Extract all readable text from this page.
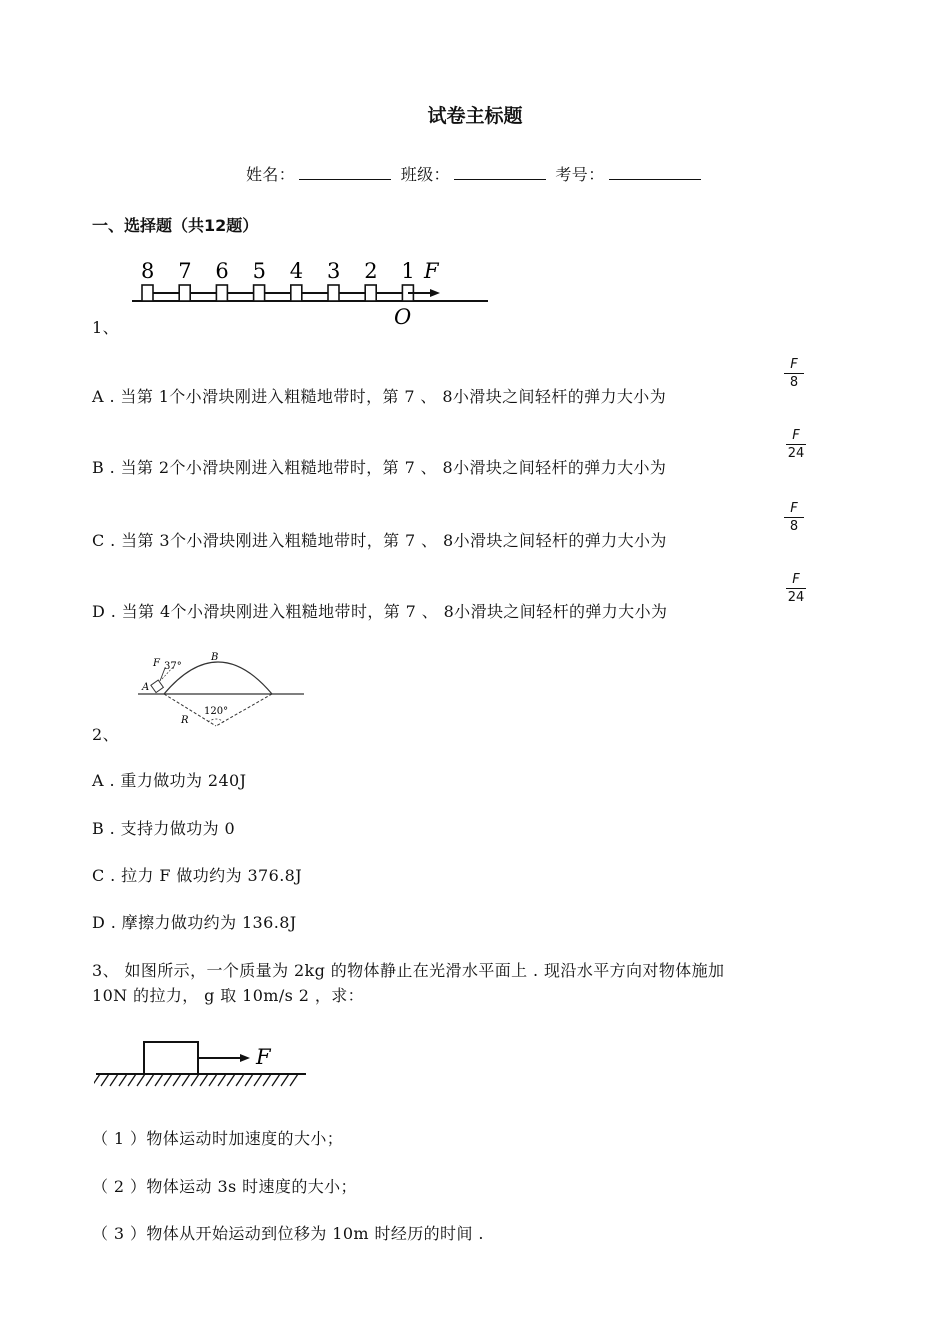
试卷主标题
姓名：	班级：	考号：
一、选择题（共12题）
8 7 6 5 4 3 2 1 F
O
1、
A . 当第 1个小滑块刚进入粗糙地带时，第 7 、 8小滑块之间轻杆的弹力大小为
F
8
B . 当第 2个小滑块刚进入粗糙地带时，第 7 、 8小滑块之间轻杆的弹力大小为
F
24
C . 当第 3个小滑块刚进入粗糙地带时，第 7 、 8小滑块之间轻杆的弹力大小为
F
8
D . 当第 4个小滑块刚进入粗糙地带时，第 7 、 8小滑块之间轻杆的弹力大小为
F
24
F 37°
A
B
R
120°
2、
A . 重力做功为 240J
B . 支持力做功为 0
C . 拉力 F 做功约为 376.8J
D . 摩擦力做功约为 136.8J
3、 如图所示，一个质量为 2kg 的物体静止在光滑水平面上 . 现沿水平方向对物体施加
10N 的拉力， g 取 10m/s 2 ，求：
F
（ 1 ）物体运动时加速度的大小；
（ 2 ）物体运动 3s 时速度的大小；
（ 3 ）物体从开始运动到位移为 10m 时经历的时间 .
